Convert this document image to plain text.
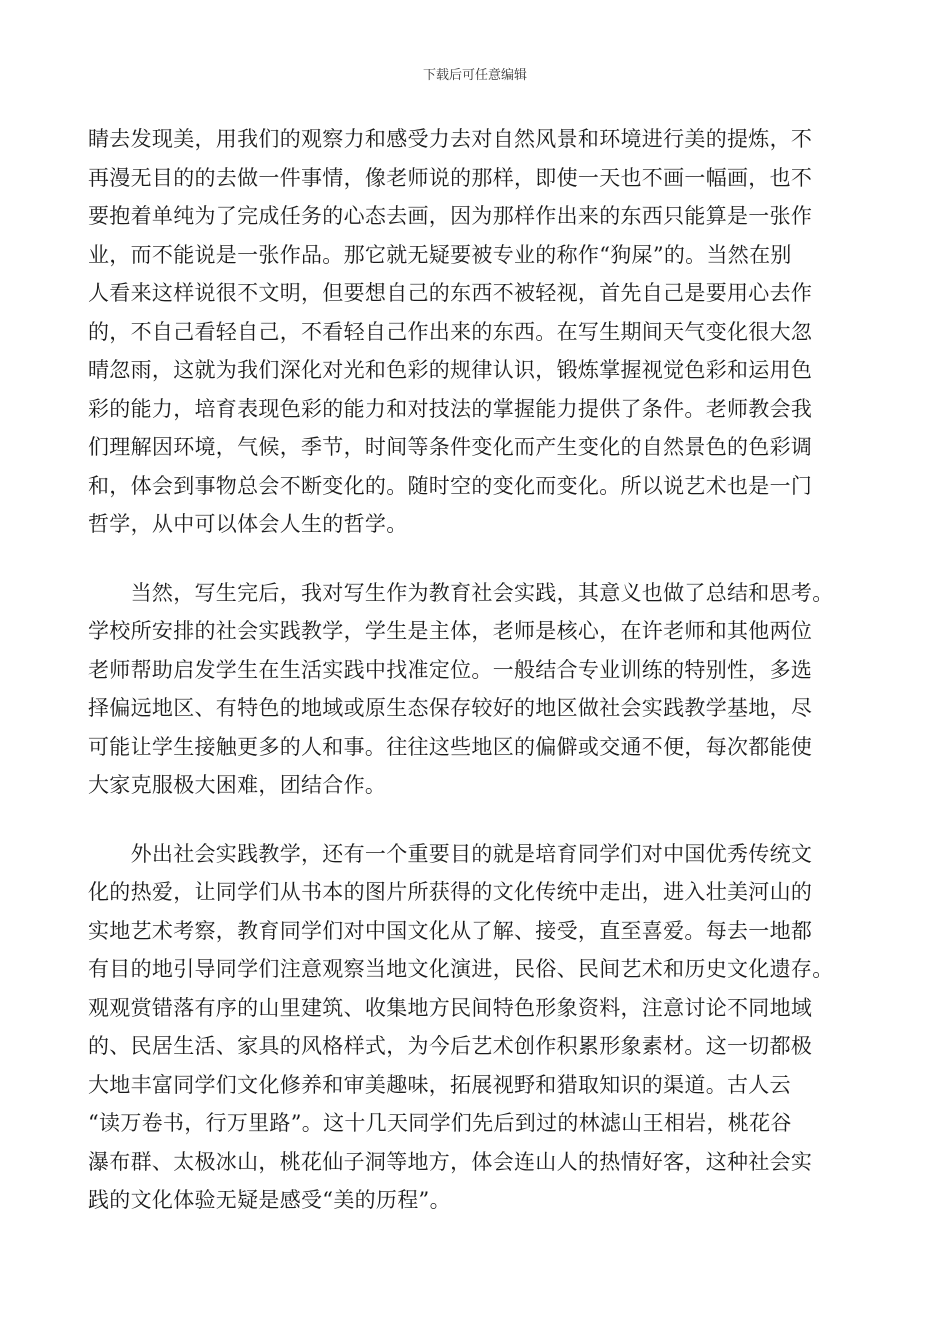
下载后可任意编辑

睛去发现美，用我们的观察力和感受力去对自然风景和环境进行美的提炼，不
再漫无目的的去做一件事情，像老师说的那样，即使一天也不画一幅画，也不
要抱着单纯为了完成任务的心态去画，因为那样作出来的东西只能算是一张作
业，而不能说是一张作品。那它就无疑要被专业的称作“狗屎”的。当然在别
人看来这样说很不文明，但要想自己的东西不被轻视，首先自己是要用心去作
的，不自己看轻自己，不看轻自己作出来的东西。在写生期间天气变化很大忽
晴忽雨，这就为我们深化对光和色彩的规律认识，锻炼掌握视觉色彩和运用色
彩的能力，培育表现色彩的能力和对技法的掌握能力提供了条件。老师教会我
们理解因环境，气候，季节，时间等条件变化而产生变化的自然景色的色彩调
和，体会到事物总会不断变化的。随时空的变化而变化。所以说艺术也是一门
哲学，从中可以体会人生的哲学。

　　当然，写生完后，我对写生作为教育社会实践，其意义也做了总结和思考。
学校所安排的社会实践教学，学生是主体，老师是核心，在许老师和其他两位
老师帮助启发学生在生活实践中找准定位。一般结合专业训练的特别性，多选
择偏远地区、有特色的地域或原生态保存较好的地区做社会实践教学基地，尽
可能让学生接触更多的人和事。往往这些地区的偏僻或交通不便，每次都能使
大家克服极大困难，团结合作。

　　外出社会实践教学，还有一个重要目的就是培育同学们对中国优秀传统文
化的热爱，让同学们从书本的图片所获得的文化传统中走出，进入壮美河山的
实地艺术考察，教育同学们对中国文化从了解、接受，直至喜爱。每去一地都
有目的地引导同学们注意观察当地文化演进，民俗、民间艺术和历史文化遗存。
观观赏错落有序的山里建筑、收集地方民间特色形象资料，注意讨论不同地域
的、民居生活、家具的风格样式，为今后艺术创作积累形象素材。这一切都极
大地丰富同学们文化修养和审美趣味，拓展视野和猎取知识的渠道。古人云
“读万卷书，行万里路”。这十几天同学们先后到过的林滤山王相岩，桃花谷
瀑布群、太极冰山，桃花仙子洞等地方，体会连山人的热情好客，这种社会实
践的文化体验无疑是感受“美的历程”。
